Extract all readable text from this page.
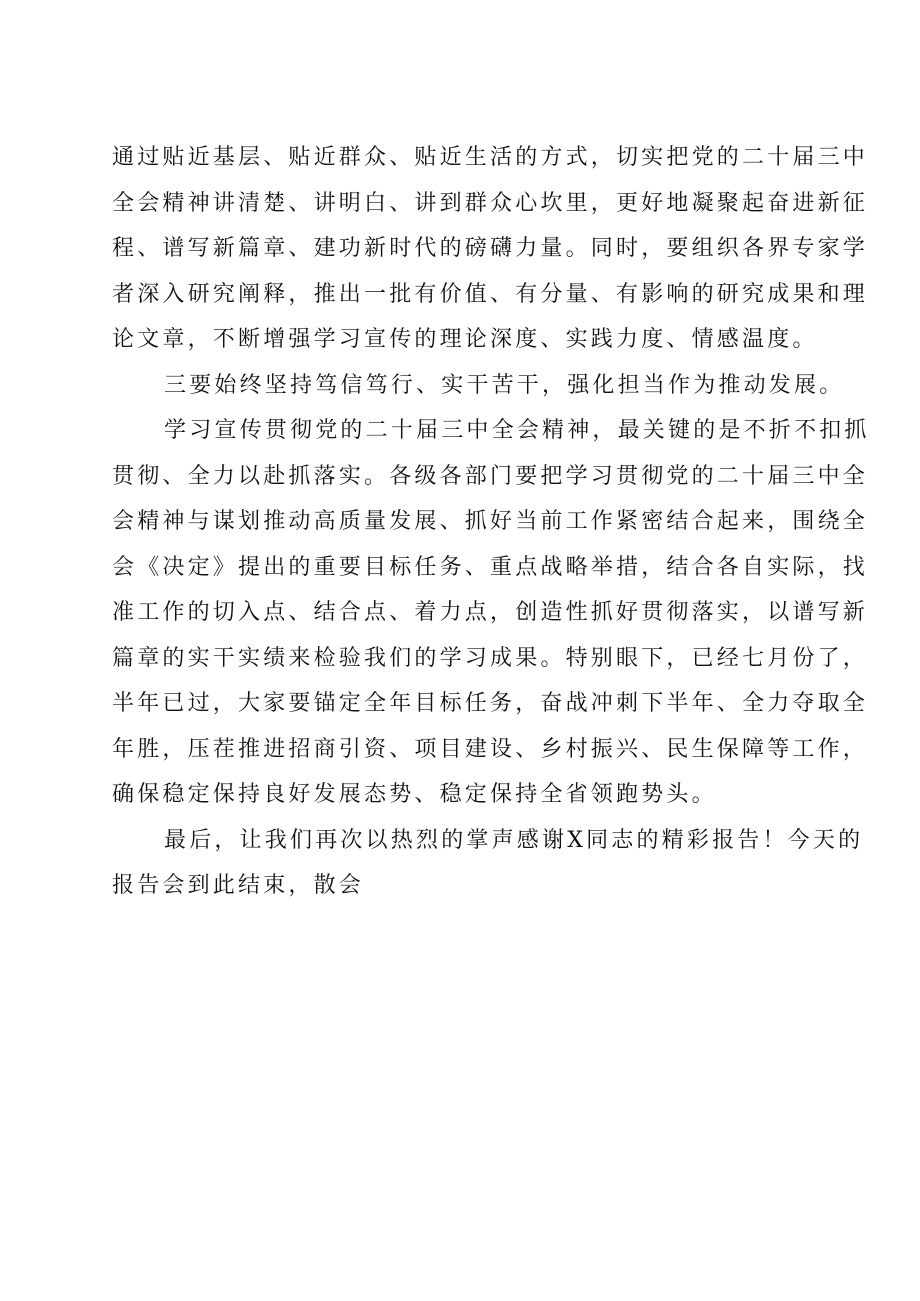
通过贴近基层、贴近群众、贴近生活的方式，切实把党的二十届三中
全会精神讲清楚、讲明白、讲到群众心坎里，更好地凝聚起奋进新征
程、谱写新篇章、建功新时代的磅礴力量。同时，要组织各界专家学
者深入研究阐释，推出一批有价值、有分量、有影响的研究成果和理
论文章，不断增强学习宣传的理论深度、实践力度、情感温度。
三要始终坚持笃信笃行、实干苦干，强化担当作为推动发展。
学习宣传贯彻党的二十届三中全会精神，最关键的是不折不扣抓
贯彻、全力以赴抓落实。各级各部门要把学习贯彻党的二十届三中全
会精神与谋划推动高质量发展、抓好当前工作紧密结合起来，围绕全
会《决定》提出的重要目标任务、重点战略举措，结合各自实际，找
准工作的切入点、结合点、着力点，创造性抓好贯彻落实，以谱写新
篇章的实干实绩来检验我们的学习成果。特别眼下，已经七月份了，
半年已过，大家要锚定全年目标任务，奋战冲刺下半年、全力夺取全
年胜，压茬推进招商引资、项目建设、乡村振兴、民生保障等工作，
确保稳定保持良好发展态势、稳定保持全省领跑势头。
最后，让我们再次以热烈的掌声感谢X同志的精彩报告！今天的
报告会到此结束，散会
